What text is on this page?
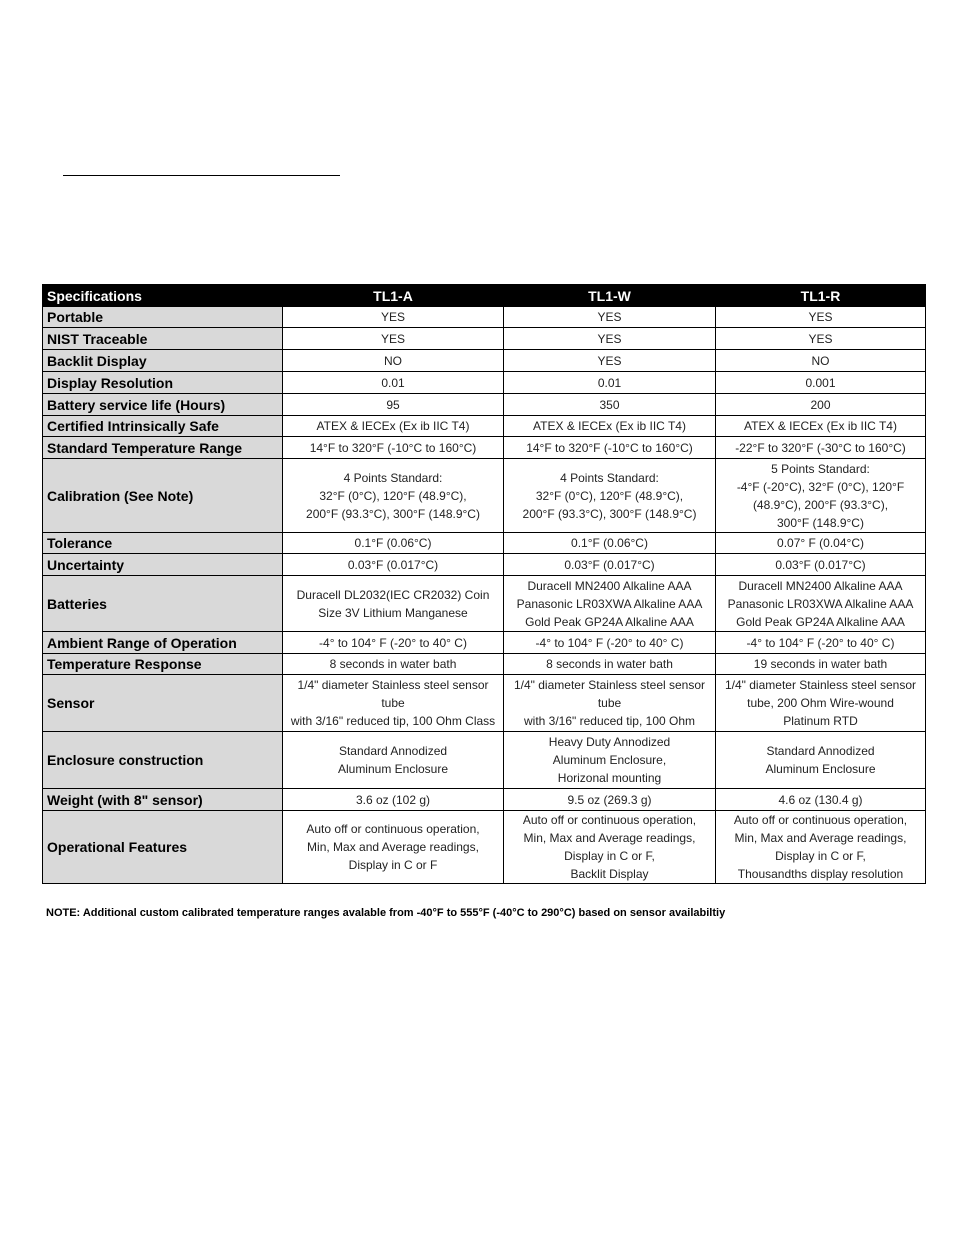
Specifications	TL1-A	TL1-W	TL1-R
Portable	YES	YES	YES

NIST Traceable	YES	YES	YES

Backlit Display	NO	YES	NO

Display Resolution	0.01	0.01	0.001

Battery service life (Hours)	95	350	200

Certified Intrinsically Safe	ATEX & IECEx (Ex ib IIC T4)	ATEX & IECEx (Ex ib IIC T4)	ATEX & IECEx (Ex ib IIC T4)

Standard Temperature Range	14°F to 320°F (-10°C to 160°C)	14°F to 320°F (-10°C to 160°C)	-22°F to 320°F (-30°C to 160°C)

Calibration (See Note)	4 Points Standard:
32°F (0°C), 120°F (48.9°C),
200°F (93.3°C), 300°F (148.9°C)	4 Points Standard:
32°F (0°C), 120°F (48.9°C),
200°F (93.3°C), 300°F (148.9°C)	5 Points Standard:
-4°F (-20°C), 32°F (0°C), 120°F
(48.9°C), 200°F (93.3°C),
300°F (148.9°C)

Tolerance	0.1°F (0.06°C)	0.1°F (0.06°C)	0.07° F (0.04°C)

Uncertainty	0.03°F (0.017°C)	0.03°F (0.017°C)	0.03°F (0.017°C)

Batteries	Duracell DL2032(IEC CR2032) Coin
Size 3V Lithium Manganese	Duracell MN2400 Alkaline AAA
Panasonic LR03XWA Alkaline AAA
Gold Peak GP24A Alkaline AAA	Duracell MN2400 Alkaline AAA
Panasonic LR03XWA Alkaline AAA
Gold Peak GP24A Alkaline AAA

Ambient Range of Operation	-4° to 104° F (-20° to 40° C)	-4° to 104° F (-20° to 40° C)	-4° to 104° F (-20° to 40° C)

Temperature Response	8 seconds in water bath	8 seconds in water bath	19 seconds in water bath

Sensor	1/4" diameter Stainless steel sensor
tube
with 3/16" reduced tip, 100 Ohm Class	1/4" diameter Stainless steel sensor
tube
with 3/16" reduced tip, 100 Ohm	1/4" diameter Stainless steel sensor
tube, 200 Ohm Wire-wound
Platinum RTD

Enclosure construction	Standard Annodized
Aluminum Enclosure	Heavy Duty Annodized
Aluminum Enclosure,
Horizonal mounting	Standard Annodized
Aluminum Enclosure

Weight (with 8" sensor)	3.6 oz (102 g)	9.5 oz (269.3 g)	4.6 oz (130.4 g)

Operational Features	Auto off or continuous operation,
Min, Max and Average readings,
Display in C or F	Auto off or continuous operation,
Min, Max and Average readings,
Display in C or F,
Backlit Display	Auto off or continuous operation,
Min, Max and Average readings,
Display in C or F,
Thousandths display resolution
NOTE: Additional custom calibrated temperature ranges avalable from -40°F to 555°F (-40°C to 290°C) based on sensor availabiltiy
